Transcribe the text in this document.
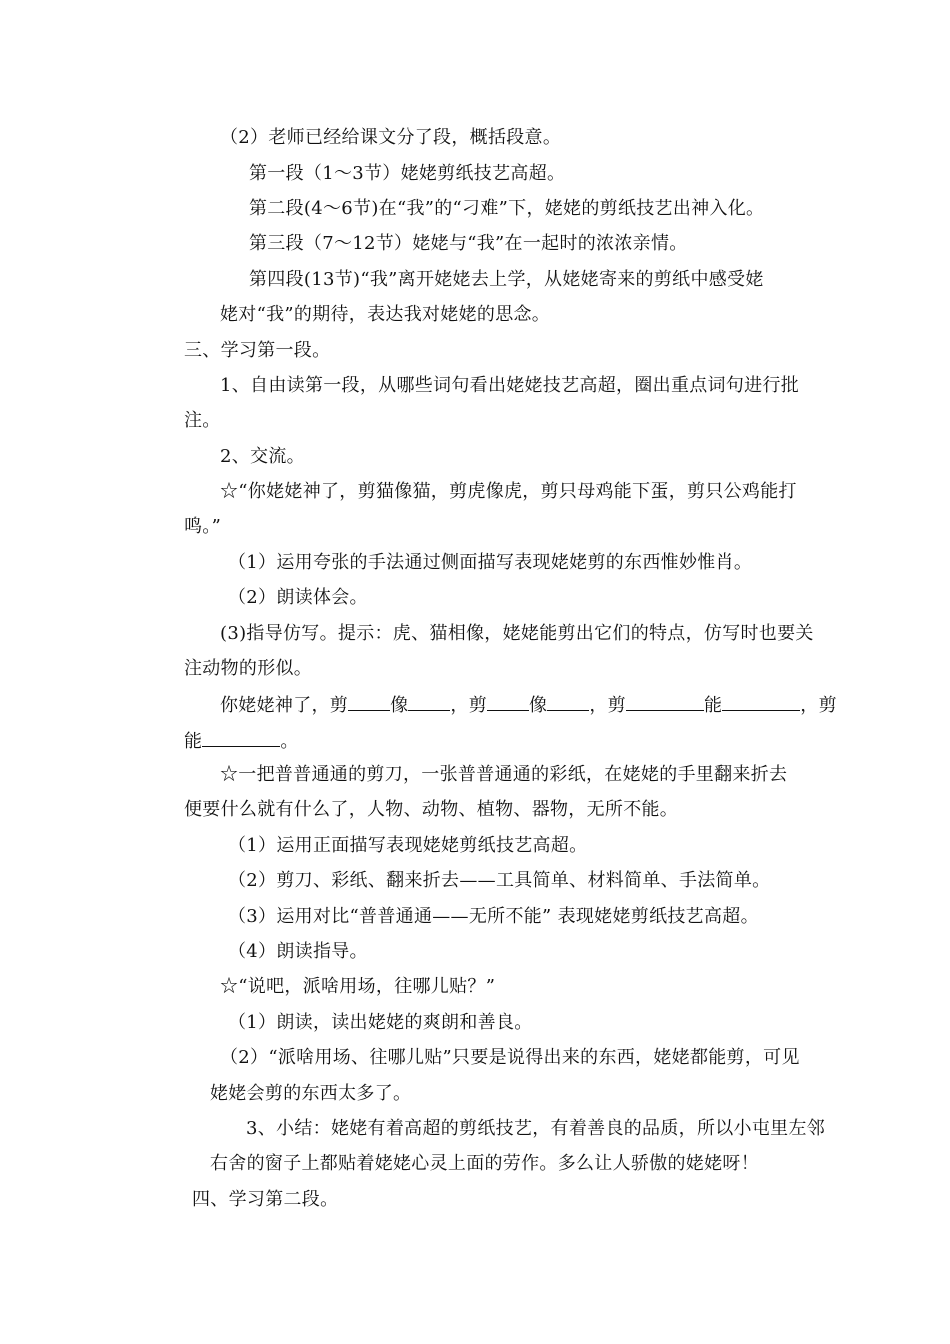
（2）老师已经给课文分了段，概括段意。
第一段（1～3节）姥姥剪纸技艺高超。
第二段(4～6节)在“我”的“刁难”下，姥姥的剪纸技艺出神入化。
第三段（7～12节）姥姥与“我”在一起时的浓浓亲情。
第四段(13节)“我”离开姥姥去上学，从姥姥寄来的剪纸中感受姥
姥对“我”的期待，表达我对姥姥的思念。
三、学习第一段。
1、自由读第一段，从哪些词句看出姥姥技艺高超，圈出重点词句进行批
注。
2、交流。
☆“你姥姥神了，剪猫像猫，剪虎像虎，剪只母鸡能下蛋，剪只公鸡能打
鸣。”
（1）运用夸张的手法通过侧面描写表现姥姥剪的东西惟妙惟肖。
（2）朗读体会。
(3)指导仿写。提示：虎、猫相像，姥姥能剪出它们的特点，仿写时也要关
注动物的形似。
你姥姥神了，剪 像 ，剪 像 ，剪	能	，剪
能	。
☆一把普普通通的剪刀，一张普普通通的彩纸，在姥姥的手里翻来折去
便要什么就有什么了，人物、动物、植物、器物，无所不能。
（1）运用正面描写表现姥姥剪纸技艺高超。
（2）剪刀、彩纸、翻来折去——工具简单、材料简单、手法简单。
（3）运用对比“普普通通——无所不能” 表现姥姥剪纸技艺高超。
（4）朗读指导。
☆“说吧，派啥用场，往哪儿贴？”
（1）朗读，读出姥姥的爽朗和善良。
（2）“派啥用场、往哪儿贴”只要是说得出来的东西，姥姥都能剪，可见
姥姥会剪的东西太多了。
3、小结：姥姥有着高超的剪纸技艺，有着善良的品质，所以小屯里左邻
右舍的窗子上都贴着姥姥心灵上面的劳作。多么让人骄傲的姥姥呀！
四、学习第二段。
